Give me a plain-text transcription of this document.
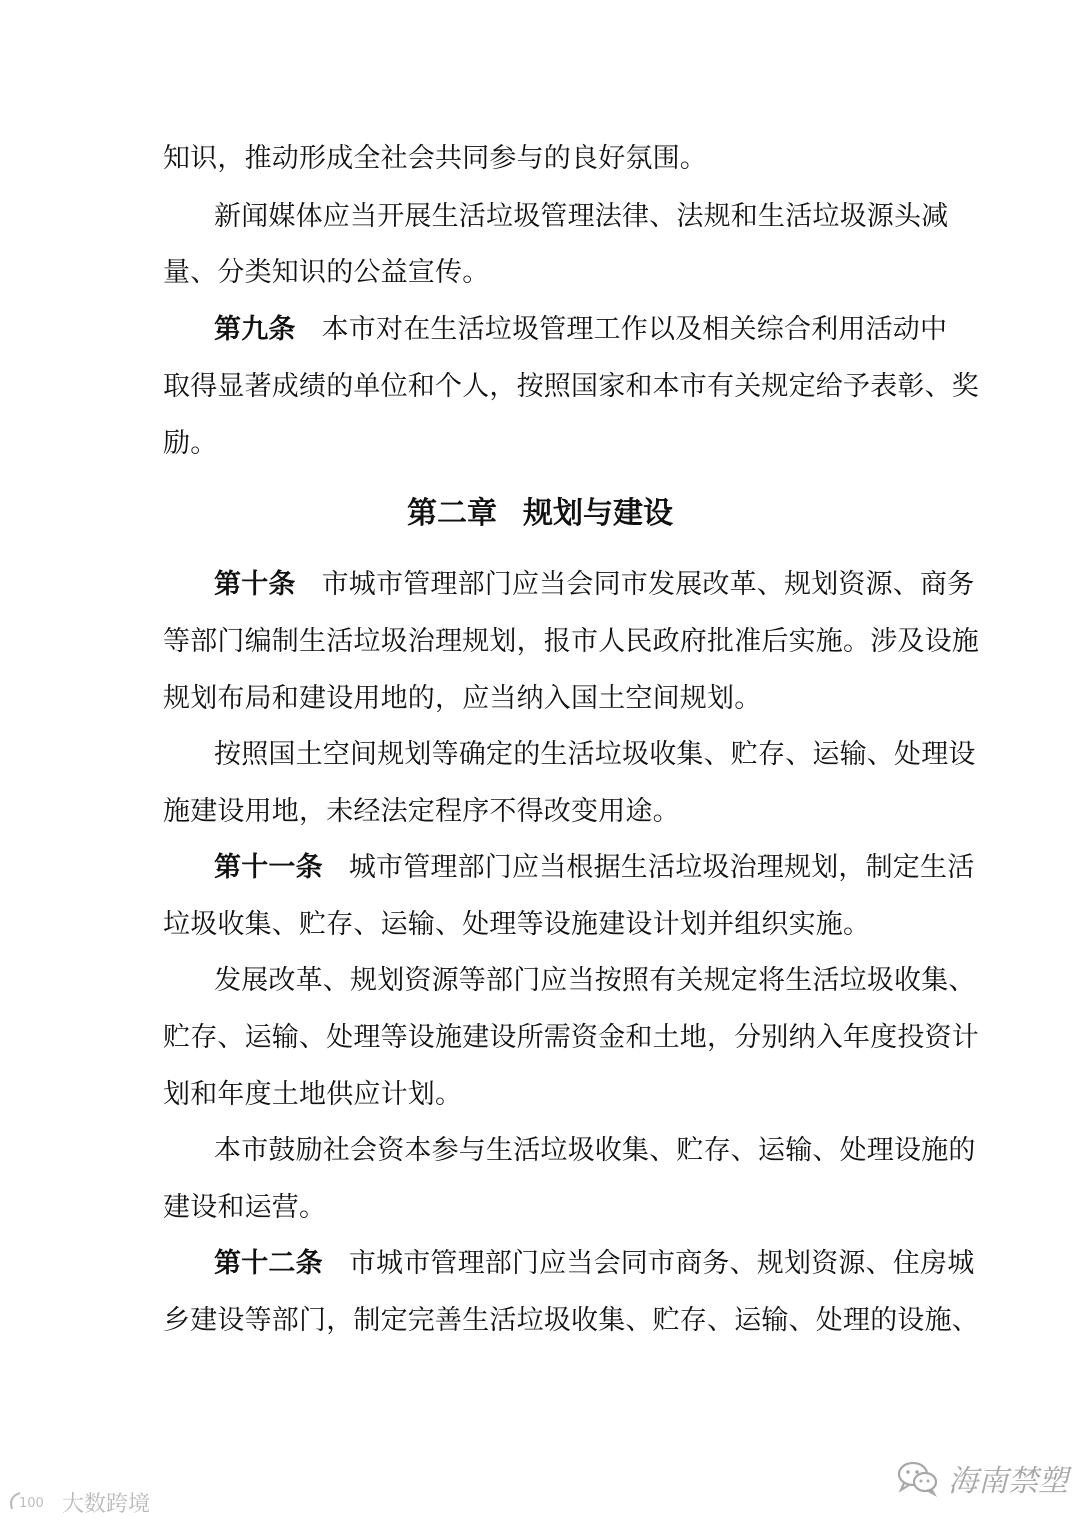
知识，推动形成全社会共同参与的良好氛围。
新闻媒体应当开展生活垃圾管理法律、法规和生活垃圾源头减
量、分类知识的公益宣传。
第九条 本市对在生活垃圾管理工作以及相关综合利用活动中
取得显著成绩的单位和个人，按照国家和本市有关规定给予表彰、奖
励。
第二章 规划与建设
第十条 市城市管理部门应当会同市发展改革、规划资源、商务
等部门编制生活垃圾治理规划，报市人民政府批准后实施。涉及设施
规划布局和建设用地的，应当纳入国土空间规划。
按照国土空间规划等确定的生活垃圾收集、贮存、运输、处理设
施建设用地，未经法定程序不得改变用途。
第十一条 城市管理部门应当根据生活垃圾治理规划，制定生活
垃圾收集、贮存、运输、处理等设施建设计划并组织实施。
发展改革、规划资源等部门应当按照有关规定将生活垃圾收集、
贮存、运输、处理等设施建设所需资金和土地，分别纳入年度投资计
划和年度土地供应计划。
本市鼓励社会资本参与生活垃圾收集、贮存、运输、处理设施的
建设和运营。
第十二条 市城市管理部门应当会同市商务、规划资源、住房城
乡建设等部门，制定完善生活垃圾收集、贮存、运输、处理的设施、
100 大数跨境
海南禁塑
